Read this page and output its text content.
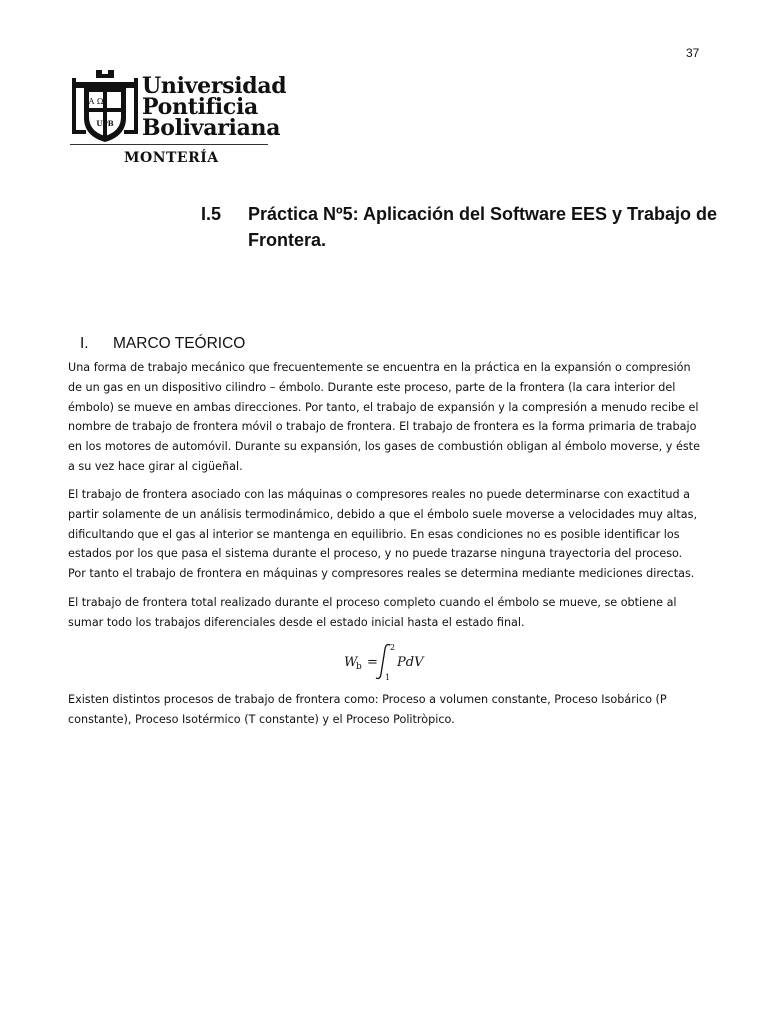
37
A Ω
UPB
Universidad
Pontificia
Bolivariana
MONTERÍA
I.5 Práctica Nº5: Aplicación del Software EES y Trabajo de Frontera.
I. MARCO TEÓRICO

Una forma de trabajo mecánico que frecuentemente se encuentra en la práctica en la expansión o compresión de un gas en un dispositivo cilindro – émbolo. Durante este proceso, parte de la frontera (la cara interior del émbolo) se mueve en ambas direcciones. Por tanto, el trabajo de expansión y la compresión a menudo recibe el nombre de trabajo de frontera móvil o trabajo de frontera. El trabajo de frontera es la forma primaria de trabajo en los motores de automóvil. Durante su expansión, los gases de combustión obligan al émbolo moverse, y éste a su vez hace girar al cigüeñal.

El trabajo de frontera asociado con las máquinas o compresores reales no puede determinarse con exactitud a partir solamente de un análisis termodinámico, debido a que el émbolo suele moverse a velocidades muy altas, dificultando que el gas al interior se mantenga en equilibrio. En esas condiciones no es posible identificar los estados por los que pasa el sistema durante el proceso, y no puede trazarse ninguna trayectoria del proceso. Por tanto el trabajo de frontera en máquinas y compresores reales se determina mediante mediciones directas.

El trabajo de frontera total realizado durante el proceso completo cuando el émbolo se mueve, se obtiene al sumar todo los trabajos diferenciales desde el estado inicial hasta el estado final.

W
b =
2
1
PdV

Existen distintos procesos de trabajo de frontera como: Proceso a volumen constante, Proceso Isobárico (P constante), Proceso Isotérmico (T constante) y el Proceso Politròpico.
